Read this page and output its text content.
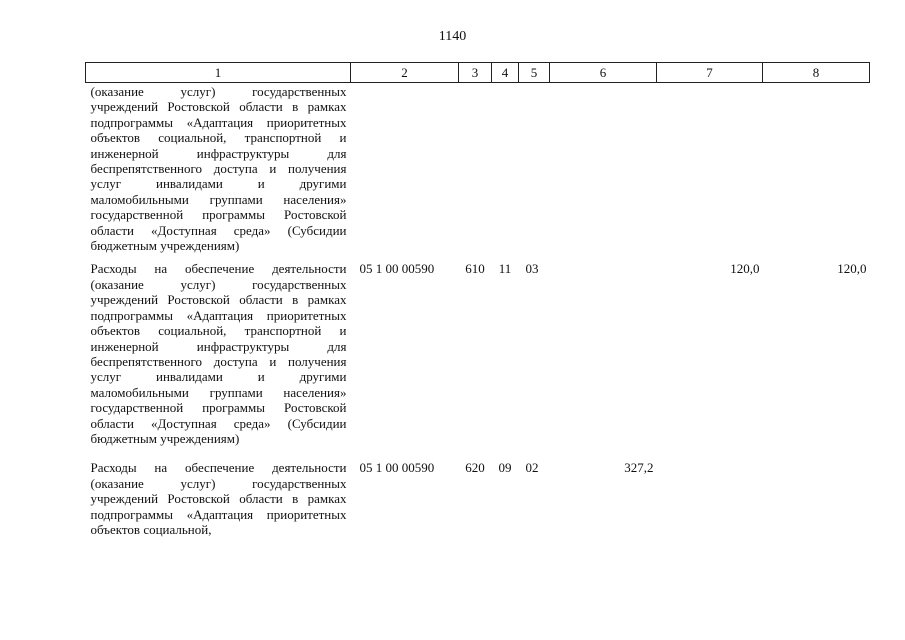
1140
1	2	3	4	5	6	7	8
(оказание услуг) государственных учреждений Ростовской области в рамках подпрограммы «Адаптация приоритетных объектов социальной, транспортной и инженерной инфраструктуры для беспрепятственного доступа и получения услуг инвалидами и другими маломобильными группами населения» государственной программы Ростовской области «Доступная среда» (Субсидии бюджетным учреждениям)							
Расходы на обеспечение деятельности (оказание услуг) государственных учреждений Ростовской области в рамках подпрограммы «Адаптация приоритетных объектов социальной, транспортной и инженерной инфраструктуры для беспрепятственного доступа и получения услуг инвалидами и другими маломобильными группами населения» государственной программы Ростовской области «Доступная среда» (Субсидии бюджетным учреждениям)	05 1 00 00590	610	11	03		120,0	120,0
Расходы на обеспечение деятельности (оказание услуг) государственных учреждений Ростовской области в рамках подпрограммы «Адаптация приоритетных объектов социальной,	05 1 00 00590	620	09	02	327,2		
